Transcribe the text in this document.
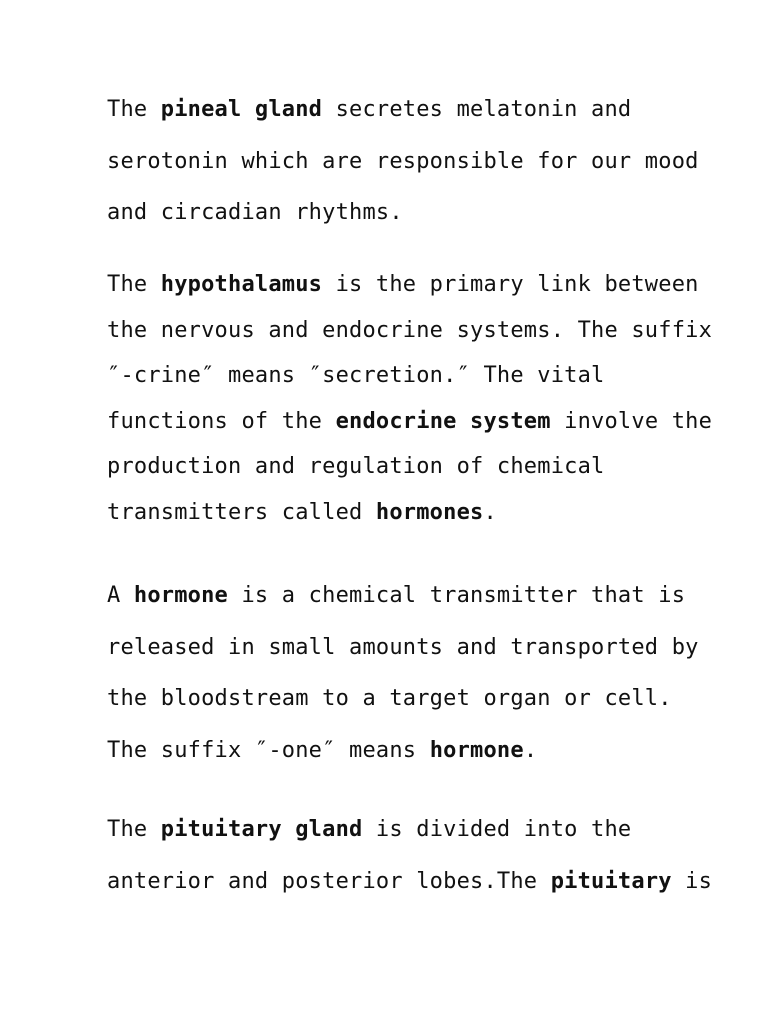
The pineal gland secretes melatonin and
serotonin which are responsible for our mood
and circadian rhythms.

The hypothalamus is the primary link between
the nervous and endocrine systems. The suffix
″-crine″ means ″secretion.″ The vital
functions of the endocrine system involve the
production and regulation of chemical
transmitters called hormones.

A hormone is a chemical transmitter that is
released in small amounts and transported by
the bloodstream to a target organ or cell.
The suffix ″-one″ means hormone.

The pituitary gland is divided into the
anterior and posterior lobes.The pituitary is
